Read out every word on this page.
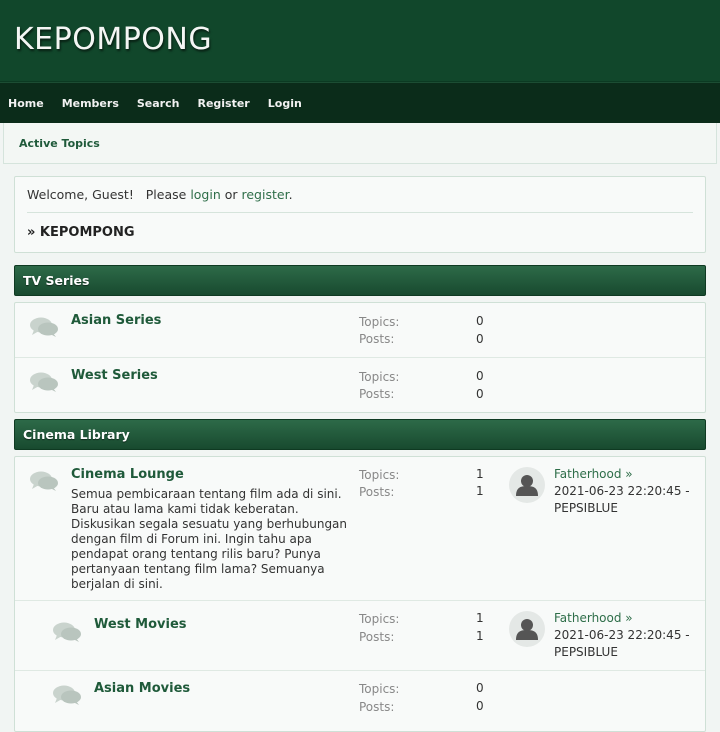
KEPOMPONG
Home Members Search Register Login
Active Topics
Welcome, Guest!   Please login or register.
» KEPOMPONG
TV Series
Asian Series	Topics:	0
Posts:	0
West Series	Topics:	0
Posts:	0
Cinema Library
Cinema Lounge
Semua pembicaraan tentang film ada di sini. Baru atau lama kami tidak keberatan. Diskusikan segala sesuatu yang berhubungan dengan film di Forum ini. Ingin tahu apa pendapat orang tentang rilis baru? Punya pertanyaan tentang film lama? Semuanya berjalan di sini.
Topics:	1
Posts:	1
Fatherhood »
2021-06-23 22:20:45 -
PEPSIBLUE
West Movies	Topics:	1
Posts:	1
Fatherhood »
2021-06-23 22:20:45 -
PEPSIBLUE
Asian Movies	Topics:	0
Posts:	0
